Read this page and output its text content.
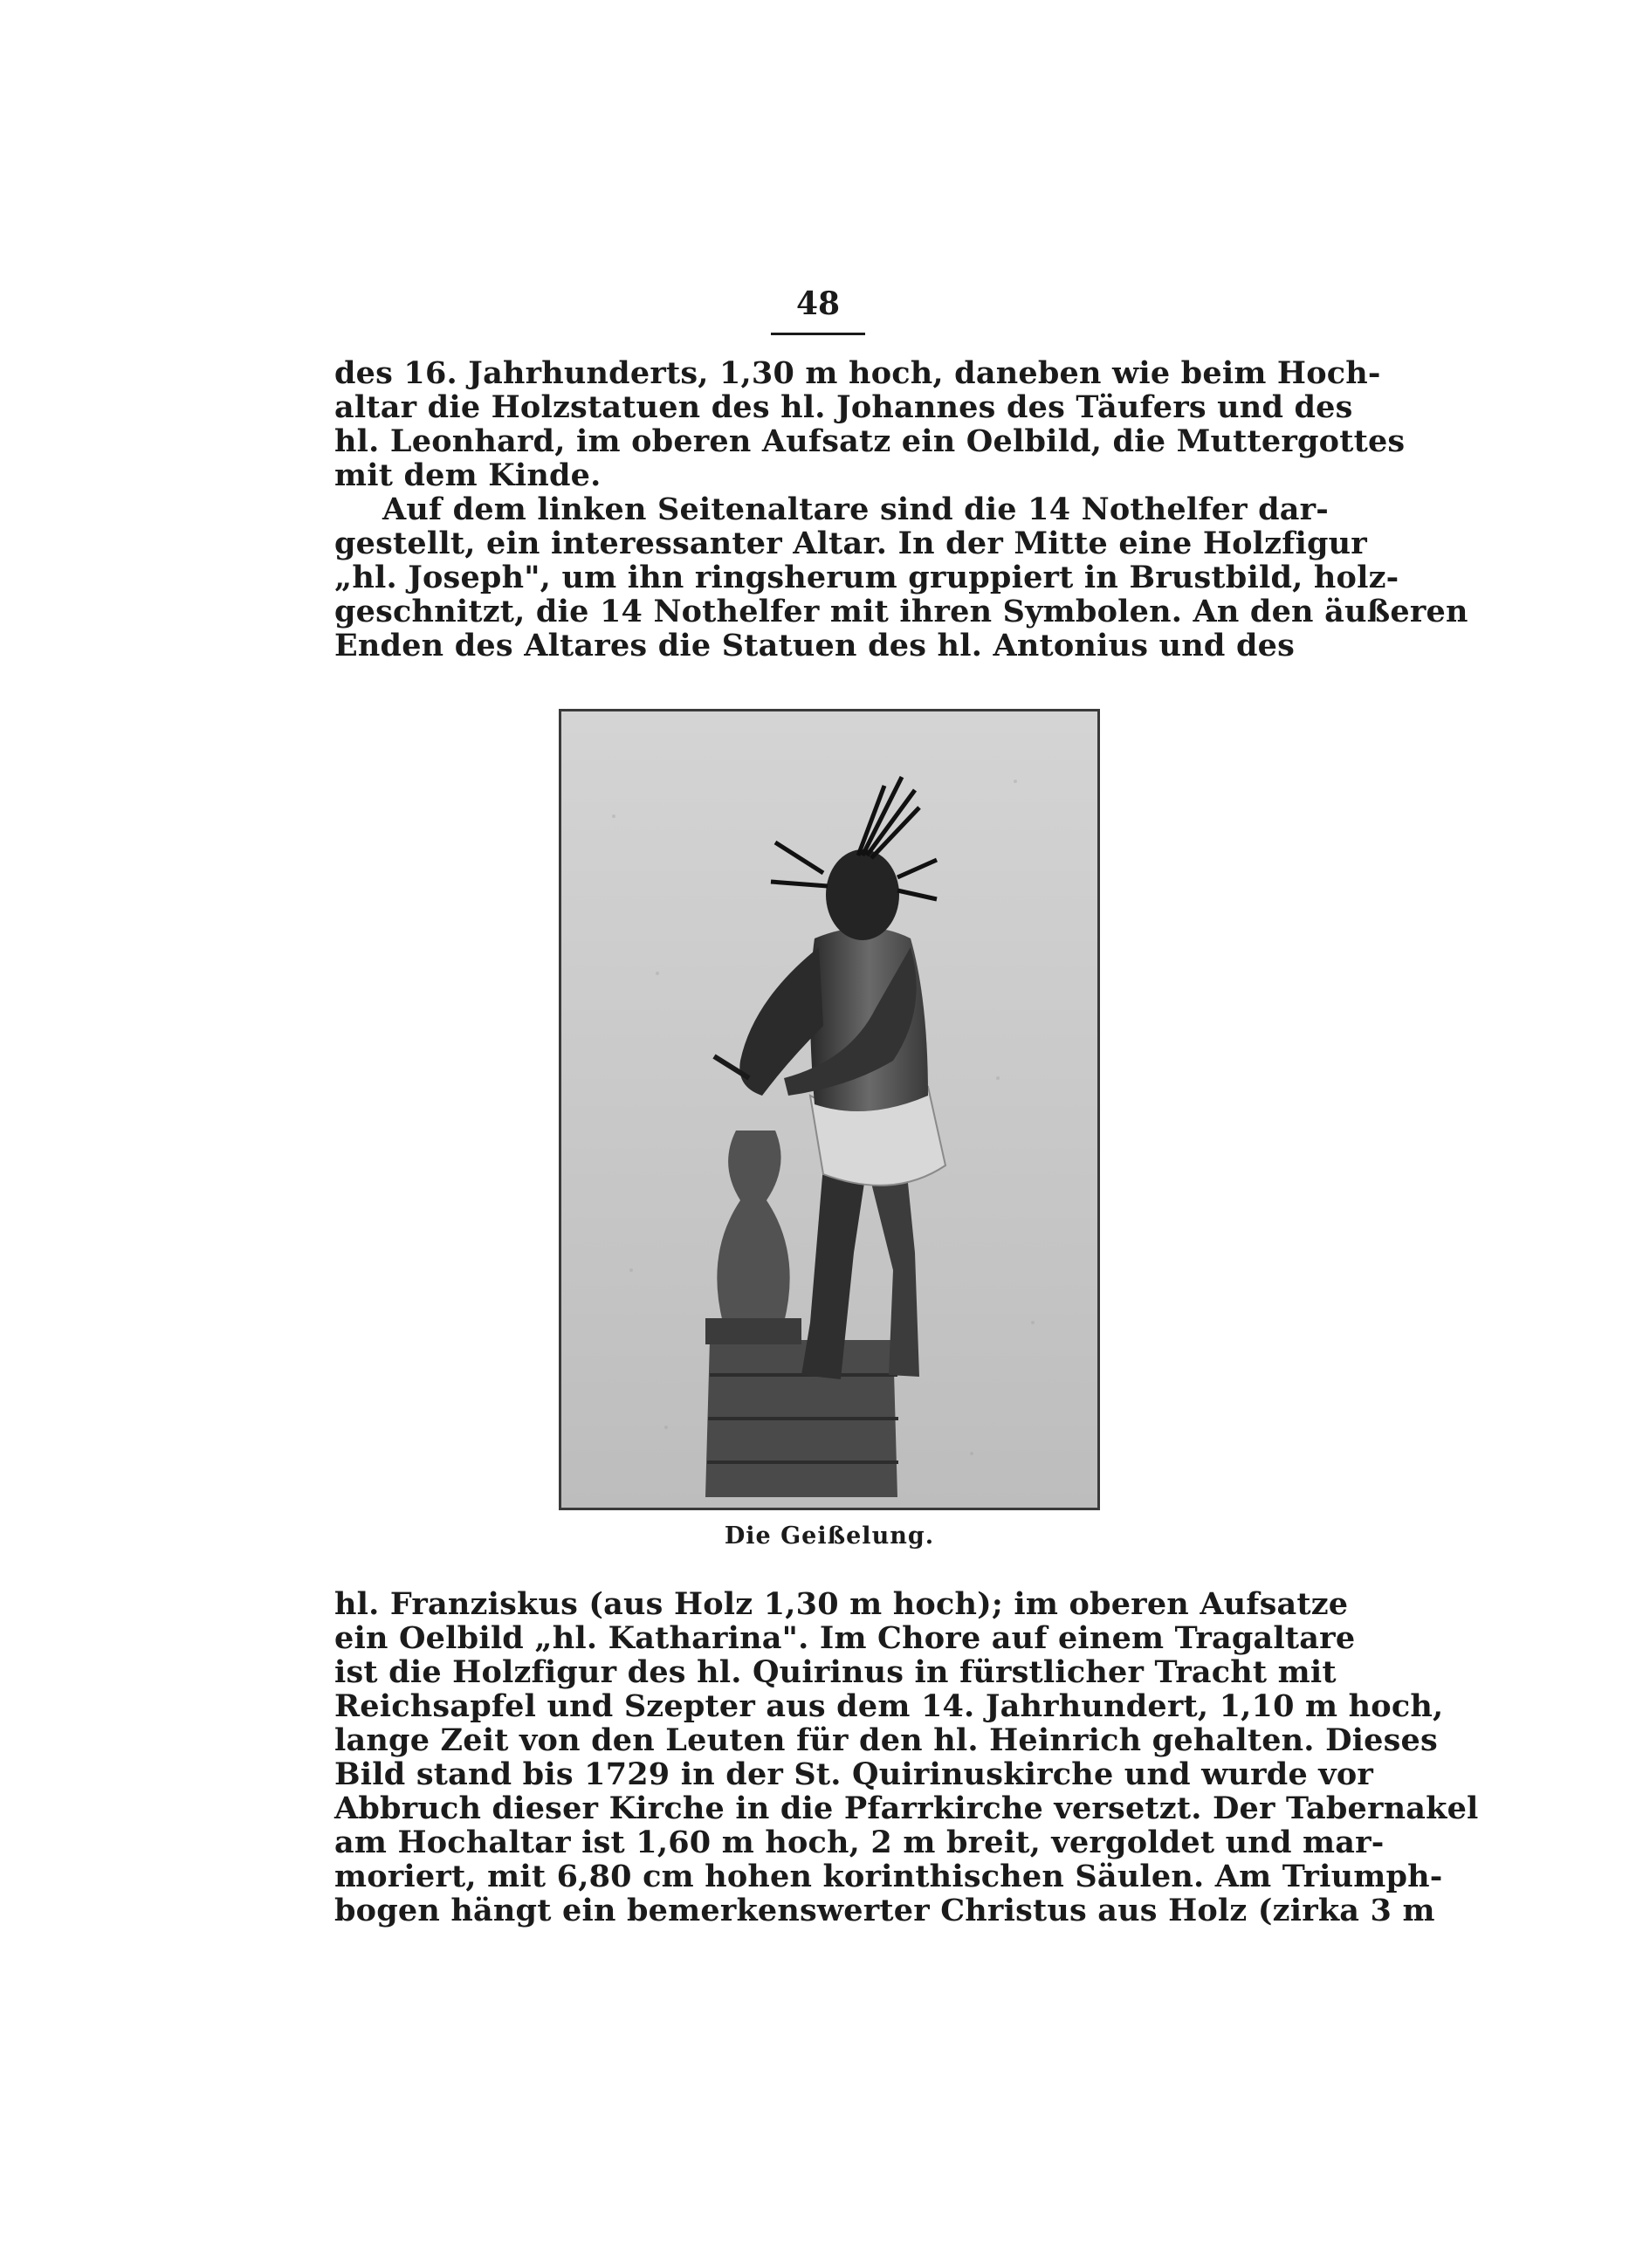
48

des 16. Jahrhunderts, 1,30 m hoch, daneben wie beim Hoch-
altar die Holzstatuen des hl. Johannes des Täufers und des
hl. Leonhard, im oberen Aufsatz ein Oelbild, die Muttergottes
mit dem Kinde.

Auf dem linken Seitenaltare sind die 14 Nothelfer dar-
gestellt, ein interessanter Altar. In der Mitte eine Holzfigur
„hl. Joseph", um ihn ringsherum gruppiert in Brustbild, holz-
geschnitzt, die 14 Nothelfer mit ihren Symbolen. An den äußeren
Enden des Altares die Statuen des hl. Antonius und des

Die Geißelung.

hl. Franziskus (aus Holz 1,30 m hoch); im oberen Aufsatze
ein Oelbild „hl. Katharina". Im Chore auf einem Tragaltare
ist die Holzfigur des hl. Quirinus in fürstlicher Tracht mit
Reichsapfel und Szepter aus dem 14. Jahrhundert, 1,10 m hoch,
lange Zeit von den Leuten für den hl. Heinrich gehalten. Dieses
Bild stand bis 1729 in der St. Quirinuskirche und wurde vor
Abbruch dieser Kirche in die Pfarrkirche versetzt. Der Tabernakel
am Hochaltar ist 1,60 m hoch, 2 m breit, vergoldet und mar-
moriert, mit 6,80 cm hohen korinthischen Säulen. Am Triumph-
bogen hängt ein bemerkenswerter Christus aus Holz (zirka 3 m
